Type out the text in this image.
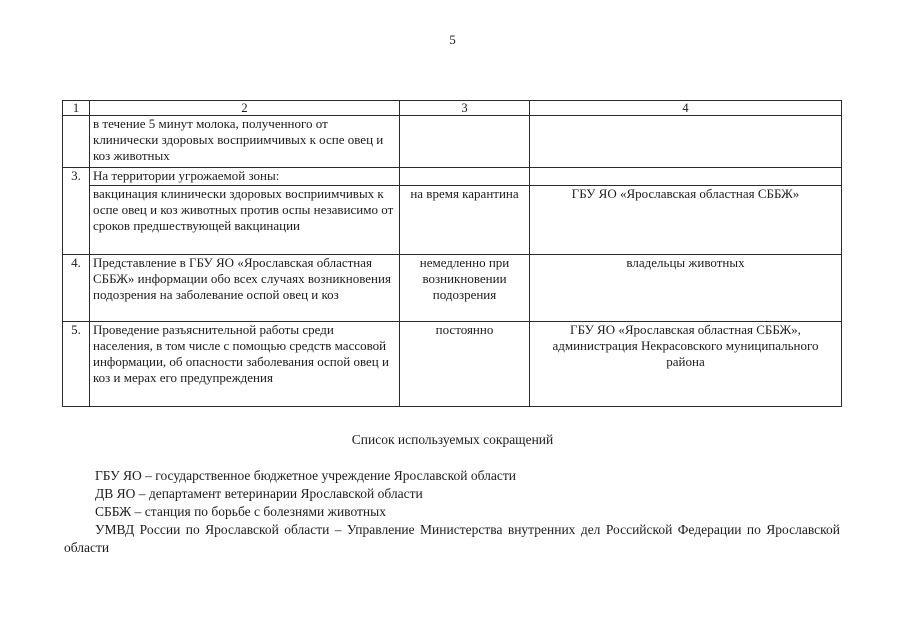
5
1	2	3	4
	в течение 5 минут молока, полученного от клинически здоровых восприимчивых к оспе овец и коз животных		
3.	На территории угрожаемой зоны:		
	вакцинация клинически здоровых восприимчивых к оспе овец и коз животных против оспы независимо от сроков предшествующей вакцинации	на время карантина	ГБУ ЯО «Ярославская областная СББЖ»
4.	Представление в ГБУ ЯО «Ярославская областная СББЖ» информации обо всех случаях возникновения подозрения на заболевание оспой овец и коз	немедленно при возникновении подозрения	владельцы животных
5.	Проведение разъяснительной работы среди населения, в том числе с помощью средств массовой информации, об опасности заболевания оспой овец и коз и мерах его предупреждения	постоянно	ГБУ ЯО «Ярославская областная СББЖ», администрация Некрасовского муниципального района
Список используемых сокращений

ГБУ ЯО – государственное бюджетное учреждение Ярославской области

ДВ ЯО – департамент ветеринарии Ярославской области

СББЖ – станция по борьбе с болезнями животных

УМВД России по Ярославской области – Управление Министерства внутренних дел Российской Федерации по Ярославской области
